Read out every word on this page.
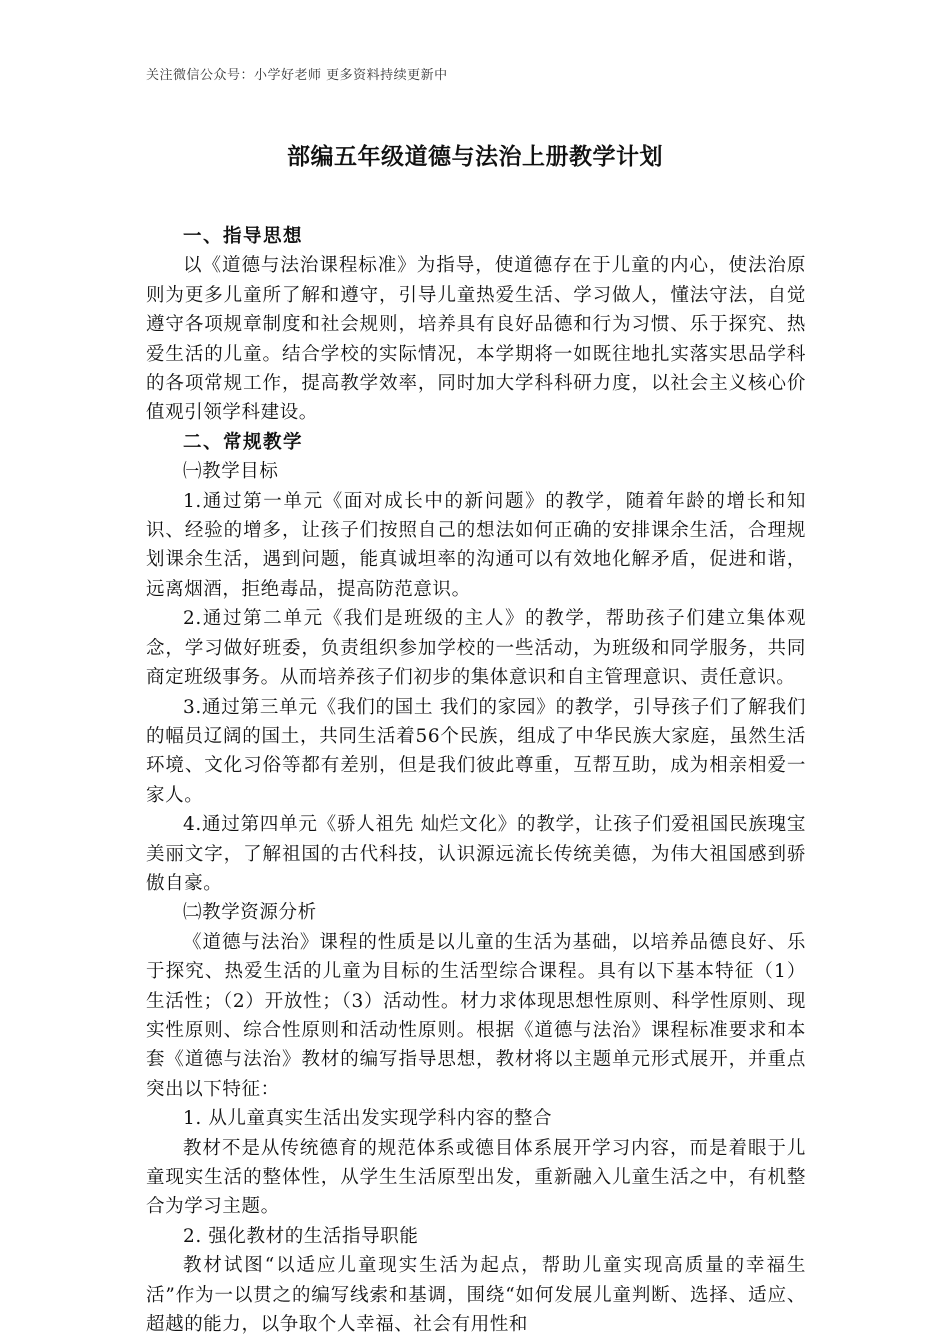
关注微信公众号：小学好老师 更多资料持续更新中
部编五年级道德与法治上册教学计划

一、指导思想

以《道德与法治课程标准》为指导，使道德存在于儿童的内心，使法治原则为更多儿童所了解和遵守，引导儿童热爱生活、学习做人，懂法守法，自觉遵守各项规章制度和社会规则，培养具有良好品德和行为习惯、乐于探究、热爱生活的儿童。结合学校的实际情况，本学期将一如既往地扎实落实思品学科的各项常规工作，提高教学效率，同时加大学科科研力度，以社会主义核心价值观引领学科建设。

二、常规教学

㈠教学目标

1.通过第一单元《面对成长中的新问题》的教学，随着年龄的增长和知识、经验的增多，让孩子们按照自己的想法如何正确的安排课余生活，合理规划课余生活，遇到问题，能真诚坦率的沟通可以有效地化解矛盾，促进和谐，远离烟酒，拒绝毒品，提高防范意识。

2.通过第二单元《我们是班级的主人》的教学，帮助孩子们建立集体观念，学习做好班委，负责组织参加学校的一些活动，为班级和同学服务，共同商定班级事务。从而培养孩子们初步的集体意识和自主管理意识、责任意识。

3.通过第三单元《我们的国土 我们的家园》的教学，引导孩子们了解我们的幅员辽阔的国土，共同生活着56个民族，组成了中华民族大家庭，虽然生活环境、文化习俗等都有差别，但是我们彼此尊重，互帮互助，成为相亲相爱一家人。

4.通过第四单元《骄人祖先 灿烂文化》的教学，让孩子们爱祖国民族瑰宝美丽文字，了解祖国的古代科技，认识源远流长传统美德，为伟大祖国感到骄傲自豪。

㈡教学资源分析

《道德与法治》课程的性质是以儿童的生活为基础，以培养品德良好、乐于探究、热爱生活的儿童为目标的生活型综合课程。具有以下基本特征（1）生活性；（2）开放性；（3）活动性。材力求体现思想性原则、科学性原则、现实性原则、综合性原则和活动性原则。根据《道德与法治》课程标准要求和本套《道德与法治》教材的编写指导思想，教材将以主题单元形式展开，并重点突出以下特征：

1. 从儿童真实生活出发实现学科内容的整合

教材不是从传统德育的规范体系或德目体系展开学习内容，而是着眼于儿童现实生活的整体性，从学生生活原型出发，重新融入儿童生活之中，有机整合为学习主题。

2. 强化教材的生活指导职能

教材试图“以适应儿童现实生活为起点，帮助儿童实现高质量的幸福生活”作为一以贯之的编写线索和基调，围绕“如何发展儿童判断、选择、适应、超越的能力，以争取个人幸福、社会有用性和
